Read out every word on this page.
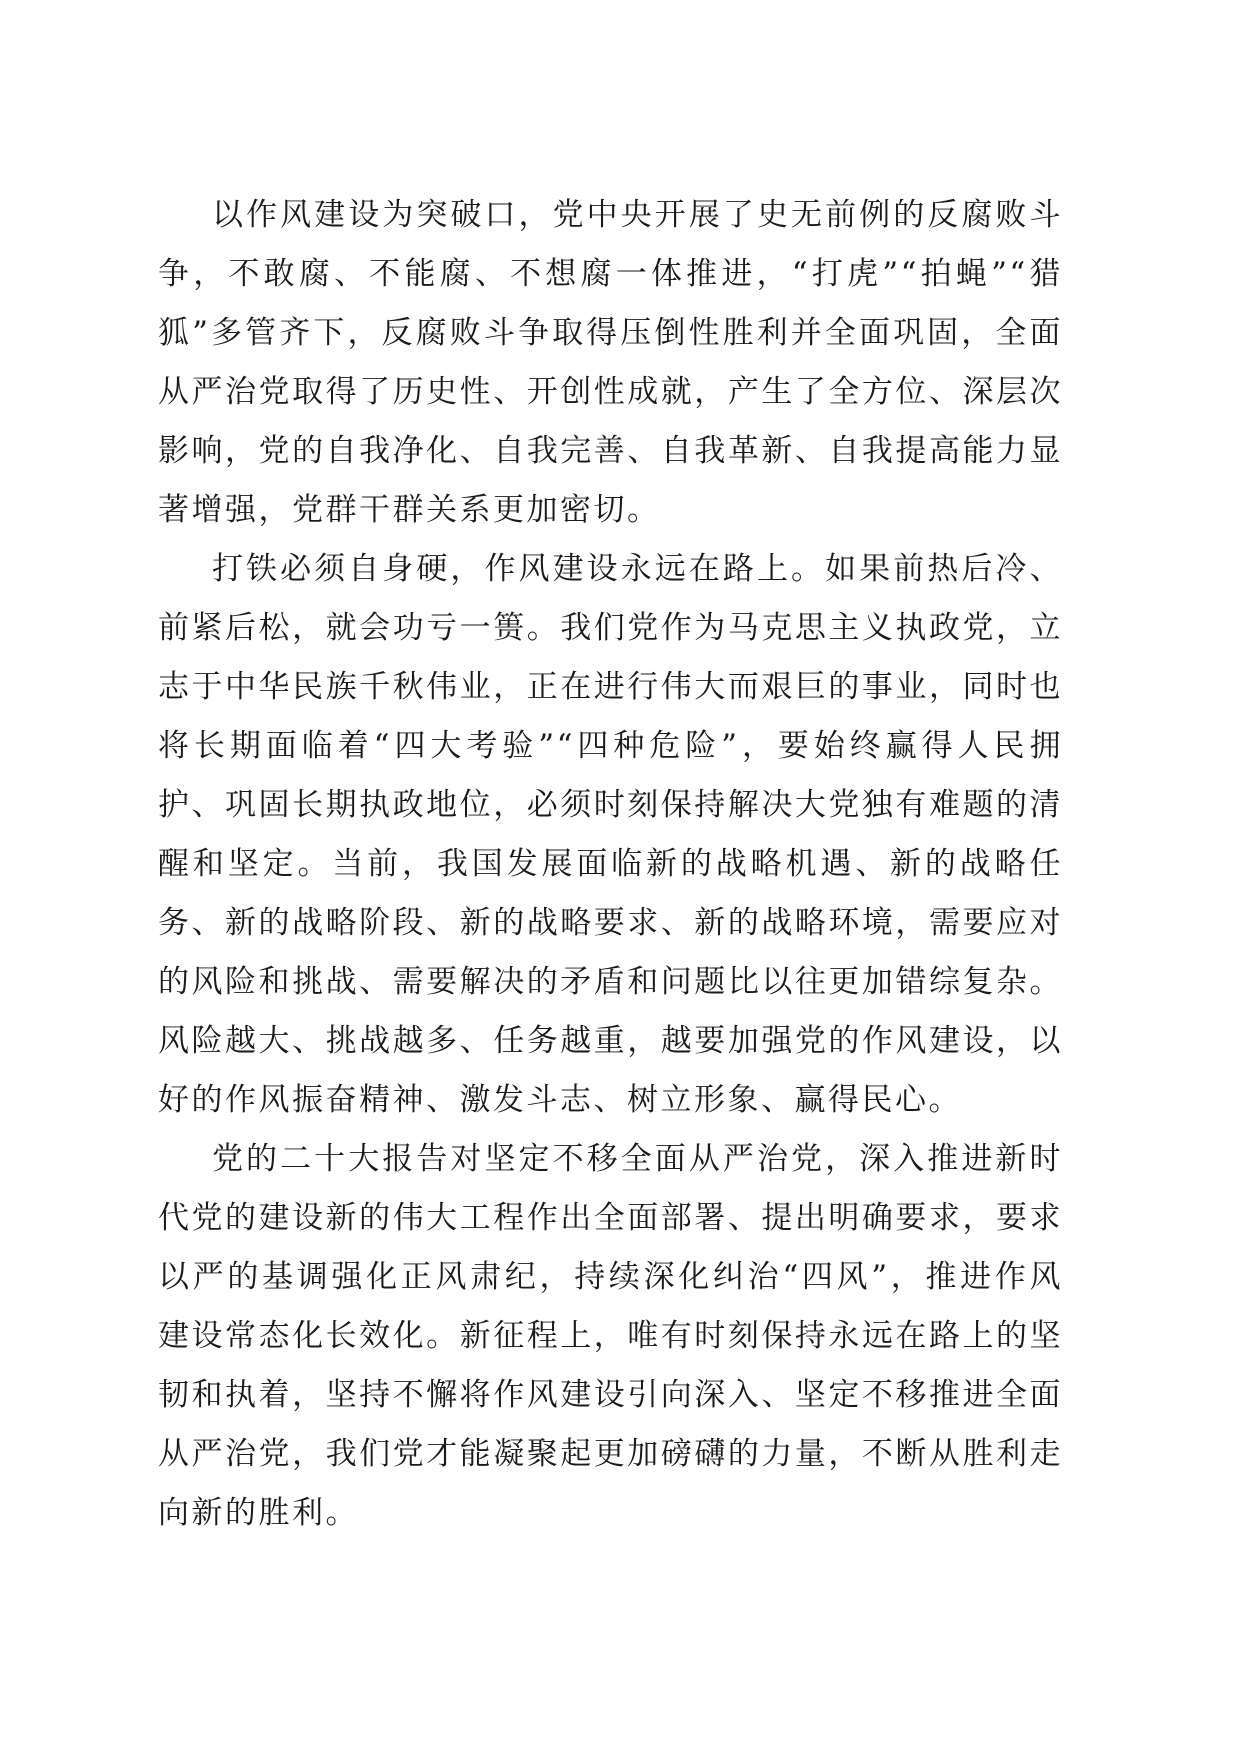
以作风建设为突破口，党中央开展了史无前例的反腐败斗争，不敢腐、不能腐、不想腐一体推进，“打虎”“拍蝇”“猎狐”多管齐下，反腐败斗争取得压倒性胜利并全面巩固，全面从严治党取得了历史性、开创性成就，产生了全方位、深层次影响，党的自我净化、自我完善、自我革新、自我提高能力显著增强，党群干群关系更加密切。

打铁必须自身硬，作风建设永远在路上。如果前热后冷、前紧后松，就会功亏一篑。我们党作为马克思主义执政党，立志于中华民族千秋伟业，正在进行伟大而艰巨的事业，同时也将长期面临着“四大考验”“四种危险”，要始终赢得人民拥护、巩固长期执政地位，必须时刻保持解决大党独有难题的清醒和坚定。当前，我国发展面临新的战略机遇、新的战略任务、新的战略阶段、新的战略要求、新的战略环境，需要应对的风险和挑战、需要解决的矛盾和问题比以往更加错综复杂。风险越大、挑战越多、任务越重，越要加强党的作风建设，以好的作风振奋精神、激发斗志、树立形象、赢得民心。

党的二十大报告对坚定不移全面从严治党，深入推进新时代党的建设新的伟大工程作出全面部署、提出明确要求，要求以严的基调强化正风肃纪，持续深化纠治“四风”，推进作风建设常态化长效化。新征程上，唯有时刻保持永远在路上的坚韧和执着，坚持不懈将作风建设引向深入、坚定不移推进全面从严治党，我们党才能凝聚起更加磅礴的力量，不断从胜利走向新的胜利。
